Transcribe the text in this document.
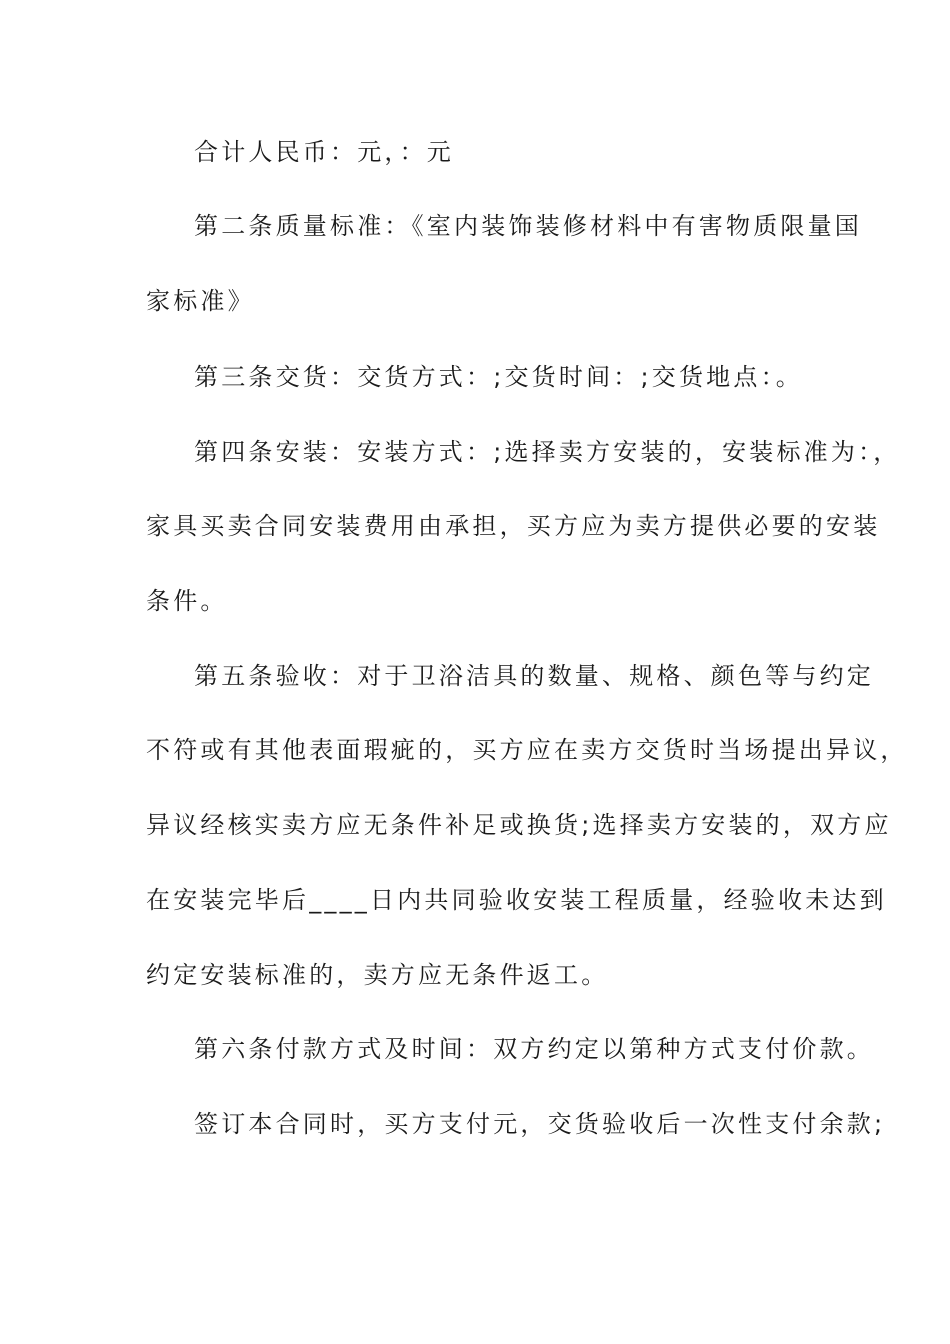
合计人民币：元，：元
第二条质量标准：《室内装饰装修材料中有害物质限量国
家标准》
第三条交货：交货方式：;交货时间：;交货地点：。
第四条安装：安装方式：;选择卖方安装的，安装标准为：，
家具买卖合同安装费用由承担，买方应为卖方提供必要的安装
条件。
第五条验收：对于卫浴洁具的数量、规格、颜色等与约定
不符或有其他表面瑕疵的，买方应在卖方交货时当场提出异议，
异议经核实卖方应无条件补足或换货;选择卖方安装的，双方应
在安装完毕后____日内共同验收安装工程质量，经验收未达到
约定安装标准的，卖方应无条件返工。
第六条付款方式及时间：双方约定以第种方式支付价款。
签订本合同时，买方支付元，交货验收后一次性支付余款;
